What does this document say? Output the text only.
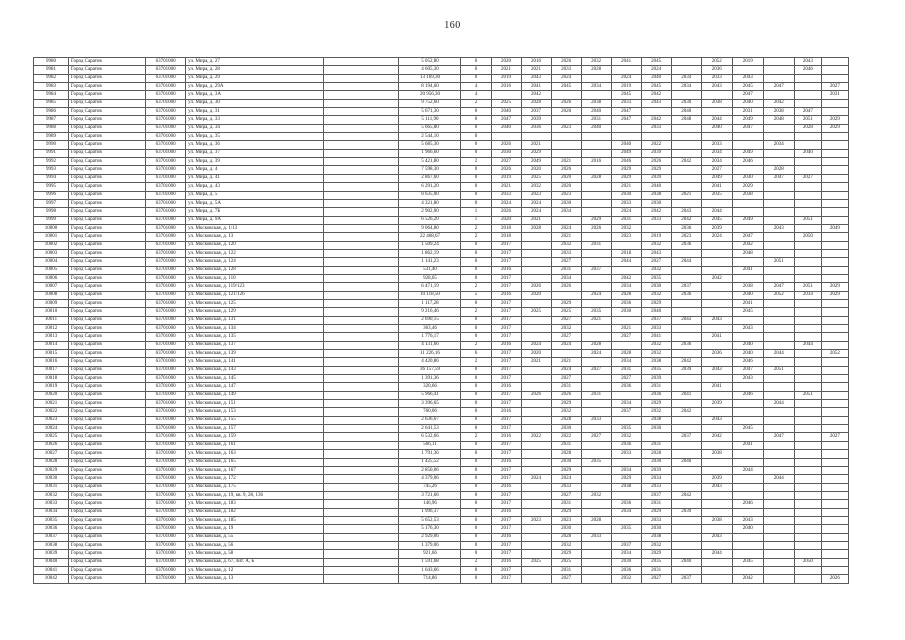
160
9980	Город Саратов	63701000	ул. Мира, д. 27		5 052,80	0	2020	2016	2026	2032	2041	2045		2052	2019		2043	
9981	Город Саратов	63701000	ул. Мира, д. 28		4 605,30	0	2021	2021	2033	2028		2024		2036			2046	
9982	Город Саратов	63701000	ул. Мира, д. 29		13 169,30	0	2019	2043	2024		2024	2040	2034	2033	2043			
9983	Город Саратов	63701000	ул. Мира, д. 29А		8 194,60	4	2016	2041	2045	2034	2019	2045	2034	2043	2045	2047		2027
9984	Город Саратов	63701000	ул. Мира, д. 3А		20 956,30	4		2042			2045	2042			2047			2031
9985	Город Саратов	63701000	ул. Мира, д. 30		9 752,60	2	2025	2028	2026	2038	2033	2043	2030	2038	2040	2042		
9986	Город Саратов	63701000	ул. Мира, д. 31		5 671,30	0	2040	2037	2020	2040	2047		2040		2031	2038	2047	
9987	Город Саратов	63701000	ул. Мира, д. 33		5 111,90	0	2047	2039		2031	2047	2042	2048	2044	2049	2048	2051	2029
9988	Город Саратов	63701000	ул. Мира, д. 34		5 665,80	0	2040	2036	2023	2040		2033		2040	2047		2028	2029
9989	Город Саратов	63701000	ул. Мира, д. 35		2 544,10	0												
9990	Город Саратов	63701000	ул. Мира, д. 36		5 685,30	0	2026	2021			2040	2022		2033		2034		
9991	Город Саратов	63701000	ул. Мира, д. 37		1 966,60	0	2030	2029			2049	2039		2034	2049		2040	
9992	Город Саратов	63701000	ул. Мира, д. 39		5 421,80	2	2027	2049	2021	2016	2046	2026	2042	2034	2046			
9993	Город Саратов	63701000	ул. Мира, д. 4		7 598,30	0	2026	2020	2026		2029	2029		2027		2028		
9994	Город Саратов	63701000	ул. Мира, д. 41		2 867,60	0	2019	2025	2020	2028	2029	2039		2049	2030	2047	2027	
9995	Город Саратов	63701000	ул. Мира, д. 43		6 291,20	0	2021	2032	2020		2021	2040		2041	2029			
9996	Город Саратов	63701000	ул. Мира, д. 5		8 635,00	0	2033	2023	2023		2030	2038	2021	2035	2038			
9997	Город Саратов	63701000	ул. Мира, д. 5А		4 321,80	0	2024	2024	2030		2033	2030						
9998	Город Саратов	63701000	ул. Мира, д. 7Б		2 902,00	1	2026	2024	2034		2024	2042	2043	2044				
9999	Город Саратов	63701000	ул. Мира, д. 9А		6 526,20	1	2020	2021		2029	2031	2033	2042	2045	2049		2051	
10000	Город Саратов	63701000	ул. Московская, д. 1/13		9 064,80	2	2018	2028	2024	2026	2032		2036	2039		2043		2049
10001	Город Саратов	63701000	ул. Московская, д. 13		22 468,67	2	2018		2021		2023	2019	2023	2024	2047		2050	
10002	Город Саратов	63701000	ул. Московская, д. 120		1 509,24	0	2017		2032	2031		2032	2036		2042			
10003	Город Саратов	63701000	ул. Московская, д. 122		1 862,19	0	2017		2033		2018	2043			2048			
10004	Город Саратов	63701000	ул. Московская, д. 124		1 141,23	0	2017		2027		2044	2027	2044			2051		
10005	Город Саратов	63701000	ул. Московская, д. 128		531,40	0	2016		2031	2037		2032			2041			
10006	Город Саратов	63701000	ул. Московская, д. 110		928,65	0	2017		2034		2042	2035		2042				
10007	Город Саратов	63701000	ул. Московская, д. 119/123		6 471,19	2	2017	2026	2026		2034	2030	2037		2038	2047	2051	2029
10008	Город Саратов	63701000	ул. Московская, д. 121/126		10 118,50	5	2016	2020		2024	2028	2032	2036		2040	2052	2034	2029
10009	Город Саратов	63701000	ул. Московская, д. 125		1 117,28	0	2017		2029		2036	2029			2041			
10010	Город Саратов	63701000	ул. Московская, д. 129		9 216,46	2	2017	2025	2025	2035	2030	2040			2045			
10011	Город Саратов	63701000	ул. Московская, д. 131		2 690,15	0	2017		2027	2021		2037	2043	2043				
10012	Город Саратов	63701000	ул. Московская, д. 134		363,46	0	2017		2032		2021	2033			2043			
10013	Город Саратов	63701000	ул. Московская, д. 135		1 776,17	0	2017		2027		2027	2041		2041				
10014	Город Саратов	63701000	ул. Московская, д. 137		4 131,66	2	2016	2024	2024	2028		2032	2036		2040		2044	
10015	Город Саратов	63701000	ул. Московская, д. 139		11 226,16	6	2017	2020		2024	2028	2032		2036	2040	2044		2052
10016	Город Саратов	63701000	ул. Московская, д. 141		4 420,86	2	2017	2021	2021		2034	2038	2042		2046			
10017	Город Саратов	63701000	ул. Московская, д. 143		36 157,59	0	2017		2024	2027	2031	2035	2039	2043	2047	2051		
10018	Город Саратов	63701000	ул. Московская, д. 145		1 391,36	0	2017		2027		2027	2039			2043			
10019	Город Саратов	63701000	ул. Московская, д. 147		320,66	0	2016		2031		2036	2031		2041				
10020	Город Саратов	63701000	ул. Московская, д. 149		5 966,41	0	2017	2026	2026	2031		2036	2041		2046		2051	
10021	Город Саратов	63701000	ул. Московская, д. 151		3 396,65	0	2017		2029		2034	2029		2039		2044		
10022	Город Саратов	63701000	ул. Московская, д. 153		760,06	0	2016		2032		2037	2032	2042					
10023	Город Саратов	63701000	ул. Московская, д. 155		2 636,67	0	2017		2028	2033		2038		2043				
10024	Город Саратов	63701000	ул. Московская, д. 157		2 641,53	0	2017		2030		2035	2030			2045			
10025	Город Саратов	63701000	ул. Московская, д. 159		6 532,66	2	2016	2022	2022	2027	2032		2037	2042		2047		2027
10026	Город Саратов	63701000	ул. Московская, д. 161		566,11	0	2017		2031		2036	2031			2041			
10027	Город Саратов	63701000	ул. Московская, д. 163		1 791,36	0	2017		2028		2033	2028		2038				
10028	Город Саратов	63701000	ул. Московская, д. 165		1 425,52	0	2016		2030	2035		2030	2040					
10029	Город Саратов	63701000	ул. Московская, д. 167		2 850,06	0	2017		2029		2034	2039			2044			
10030	Город Саратов	63701000	ул. Московская, д. 172		4 379,06	0	2017	2024	2024		2029	2034		2039		2044		
10031	Город Саратов	63701000	ул. Московская, д. 175		745,26	0	2016		2033		2038	2033		2043				
10032	Город Саратов	63701000	ул. Московская, д. 19, кв. 9, 28, 136		3 721,66	0	2017		2027	2032		2037	2042					
10033	Город Саратов	63701000	ул. Московская, д. 183		146,96	0	2017		2031		2036	2031			2046			
10034	Город Саратов	63701000	ул. Московская, д. 182		1 996,37	0	2016		2029		2034	2029	2039					
10035	Город Саратов	63701000	ул. Московская, д. 185		5 652,53	0	2017	2023	2023	2028		2033		2038	2043			
10036	Город Саратов	63701000	ул. Московская, д. 19		5 176,30	0	2017		2030		2035	2030			2040			
10037	Город Саратов	63701000	ул. Московская, д. 55		2 929,06	0	2016		2028	2033		2038		2043				
10038	Город Саратов	63701000	ул. Московская, д. 56		1 379,06	0	2017		2032		2037	2032						
10039	Город Саратов	63701000	ул. Московская, д. 58		921,66	0	2017		2029		2034	2029		2044				
10040	Город Саратов	63701000	ул. Московская, д. 67, лит. А, Б		1 591,68	2	2016	2025	2025		2030	2035	2040		2045		2050	
10041	Город Саратов	63701000	ул. Московская, д. 12		1 643,66	0	2017		2031		2036	2031						
10042	Город Саратов	63701000	ул. Московская, д. 13		714,86	0	2017		2027		2032	2027	2037		2042			2026
